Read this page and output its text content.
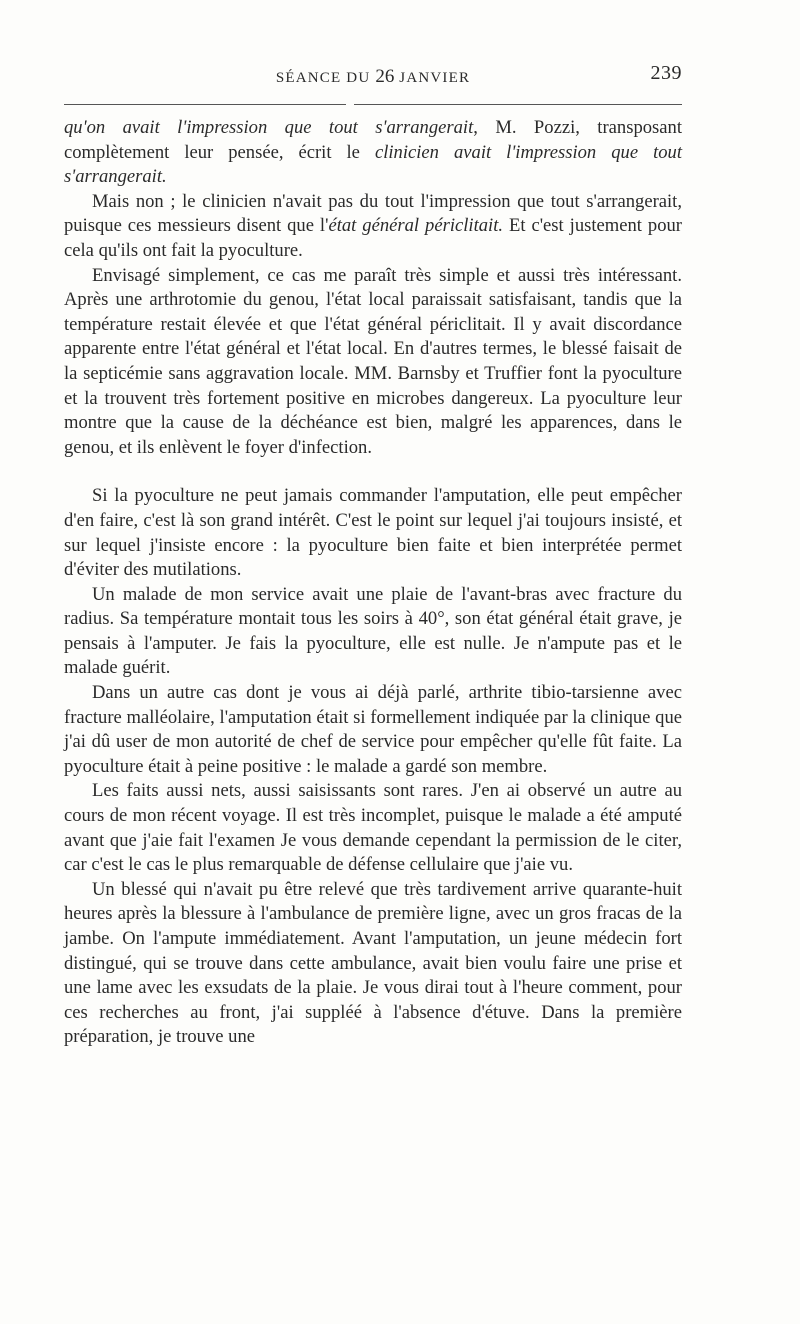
SÉANCE DU 26 JANVIER	239

qu'on avait l'impression que tout s'arrangerait, M. Pozzi, transposant complètement leur pensée, écrit le clinicien avait l'impression que tout s'arrangerait.

Mais non ; le clinicien n'avait pas du tout l'impression que tout s'arrangerait, puisque ces messieurs disent que l'état général périclitait. Et c'est justement pour cela qu'ils ont fait la pyoculture.

Envisagé simplement, ce cas me paraît très simple et aussi très intéressant. Après une arthrotomie du genou, l'état local paraissait satisfaisant, tandis que la température restait élevée et que l'état général périclitait. Il y avait discordance apparente entre l'état général et l'état local. En d'autres termes, le blessé faisait de la septicémie sans aggravation locale. MM. Barnsby et Truffier font la pyoculture et la trouvent très fortement positive en microbes dangereux. La pyoculture leur montre que la cause de la déchéance est bien, malgré les apparences, dans le genou, et ils enlèvent le foyer d'infection.

Si la pyoculture ne peut jamais commander l'amputation, elle peut empêcher d'en faire, c'est là son grand intérêt. C'est le point sur lequel j'ai toujours insisté, et sur lequel j'insiste encore : la pyoculture bien faite et bien interprétée permet d'éviter des mutilations.

Un malade de mon service avait une plaie de l'avant-bras avec fracture du radius. Sa température montait tous les soirs à 40°, son état général était grave, je pensais à l'amputer. Je fais la pyoculture, elle est nulle. Je n'ampute pas et le malade guérit.

Dans un autre cas dont je vous ai déjà parlé, arthrite tibio-tarsienne avec fracture malléolaire, l'amputation était si formellement indiquée par la clinique que j'ai dû user de mon autorité de chef de service pour empêcher qu'elle fût faite. La pyoculture était à peine positive : le malade a gardé son membre.

Les faits aussi nets, aussi saisissants sont rares. J'en ai observé un autre au cours de mon récent voyage. Il est très incomplet, puisque le malade a été amputé avant que j'aie fait l'examen Je vous demande cependant la permission de le citer, car c'est le cas le plus remarquable de défense cellulaire que j'aie vu.

Un blessé qui n'avait pu être relevé que très tardivement arrive quarante-huit heures après la blessure à l'ambulance de première ligne, avec un gros fracas de la jambe. On l'ampute immédiatement. Avant l'amputation, un jeune médecin fort distingué, qui se trouve dans cette ambulance, avait bien voulu faire une prise et une lame avec les exsudats de la plaie. Je vous dirai tout à l'heure comment, pour ces recherches au front, j'ai suppléé à l'absence d'étuve. Dans la première préparation, je trouve une
